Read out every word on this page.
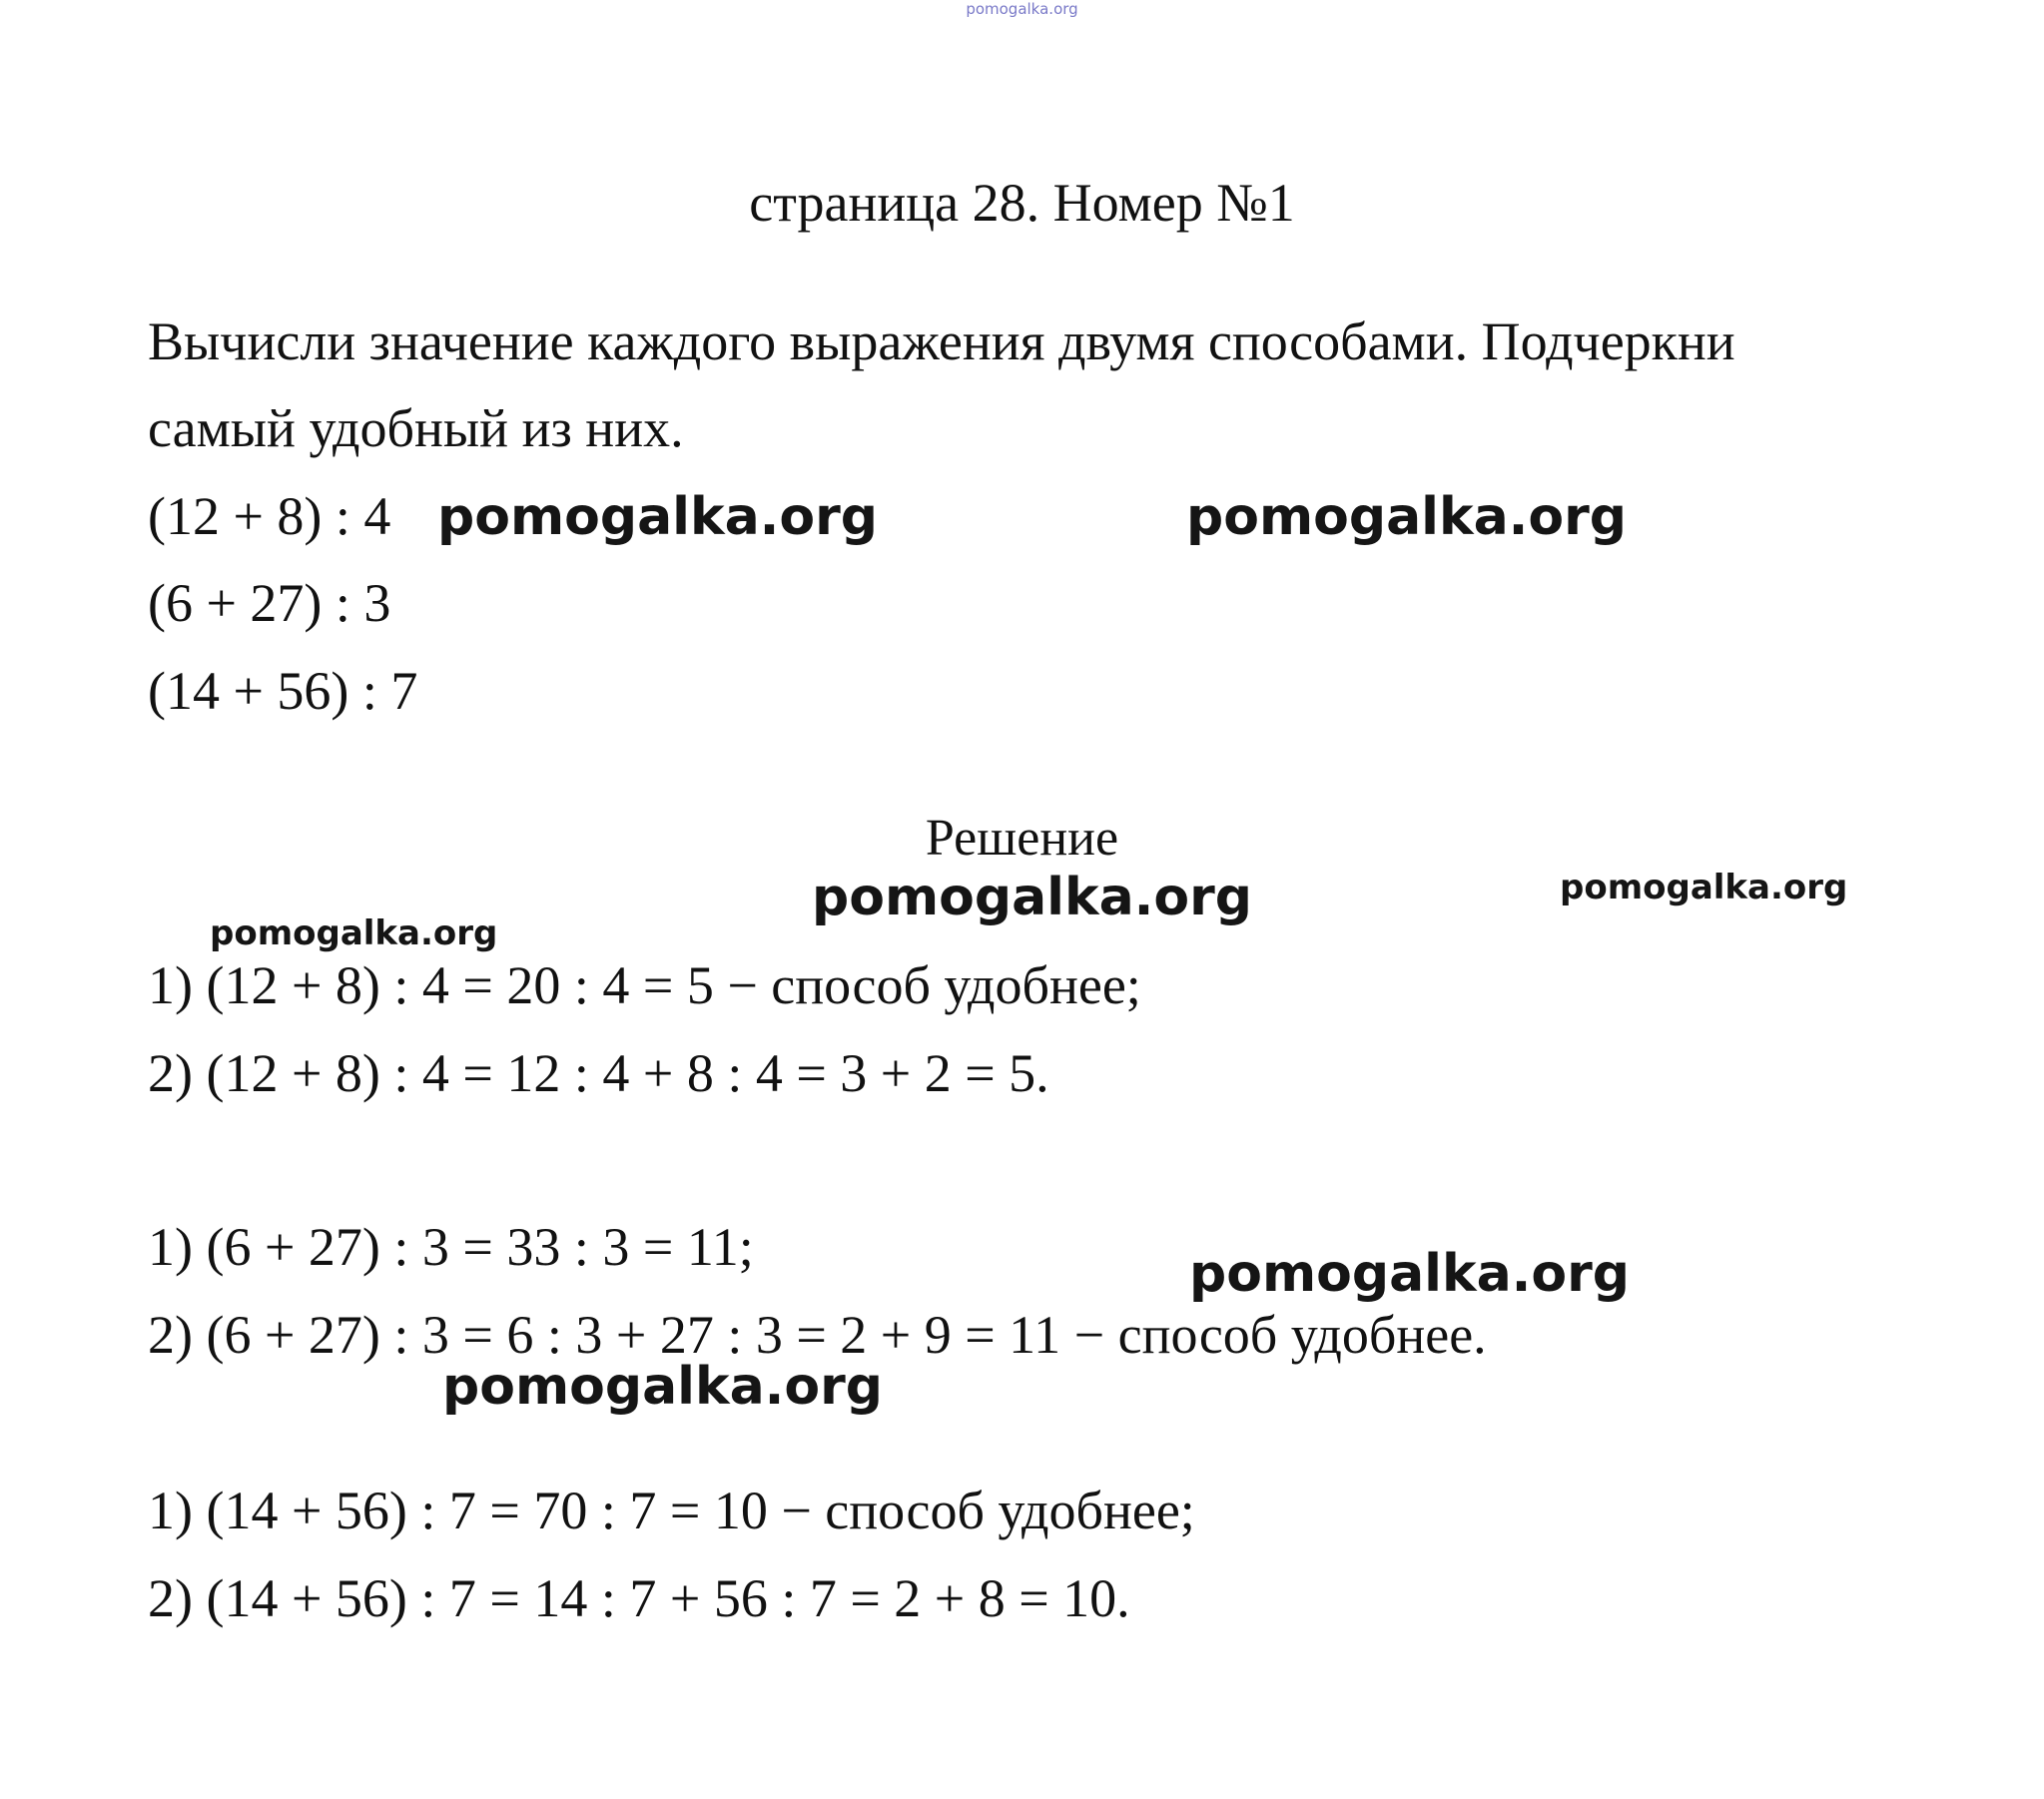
pomogalka.org
страница 28. Номер №1
Вычисли значение каждого выражения двумя способами. Подчеркни
самый удобный из них.
(12 + 8) : 4
(6 + 27) : 3
(14 + 56) : 7
Решение
1) (12 + 8) : 4 = 20 : 4 = 5 − способ удобнее;
2) (12 + 8) : 4 = 12 : 4 + 8 : 4 = 3 + 2 = 5.
1) (6 + 27) : 3 = 33 : 3 = 11;
2) (6 + 27) : 3 = 6 : 3 + 27 : 3 = 2 + 9 = 11 − способ удобнее.
1) (14 + 56) : 7 = 70 : 7 = 10 − способ удобнее;
2) (14 + 56) : 7 = 14 : 7 + 56 : 7 = 2 + 8 = 10.
pomogalka.org	pomogalka.org
pomogalka.org	pomogalka.org
pomogalka.org
pomogalka.org
pomogalka.org
